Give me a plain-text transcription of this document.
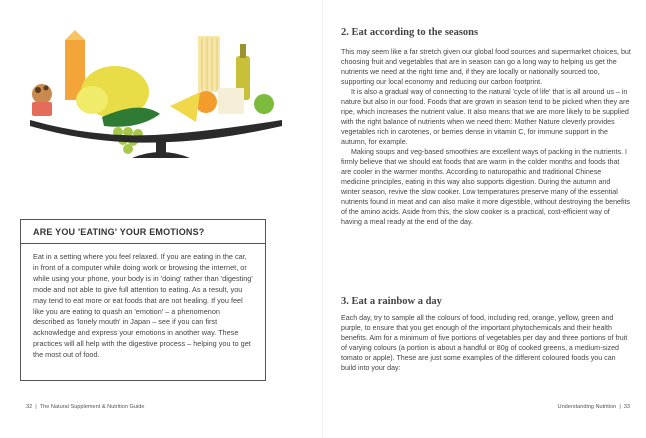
ARE YOU 'EATING' YOUR EMOTIONS?
Eat in a setting where you feel relaxed. If you are eating in the car, in front of a computer while doing work or browsing the internet, or while using your phone, your body is in 'doing' rather than 'digesting' mode and not able to give full attention to eating. As a result, you may tend to eat more or eat foods that are not healing. If you feel like you are eating to quash an 'emotion' – a phenomenon described as 'lonely mouth' in Japan – see if you can first acknowledge and express your emotions in another way. These practices will all help with the digestive process – helping you to get the most out of food.
32 | The Natural Supplement & Nutrition Guide
2. Eat according to the seasons

This may seem like a far stretch given our global food sources and supermarket choices, but choosing fruit and vegetables that are in season can go a long way to helping us get the nutrients we need at the right time and, if they are locally or nationally sourced too, supporting our local economy and reducing our carbon footprint.

It is also a gradual way of connecting to the natural 'cycle of life' that is all around us – in nature but also in our food. Foods that are grown in season tend to be picked when they are ripe, which increases the nutrient value. It also means that we are more likely to be supplied with the right balance of nutrients when we need them: Mother Nature cleverly provides vegetables rich in carotenes, or berries dense in vitamin C, for immune support in the autumn, for example.

Making soups and veg-based smoothies are excellent ways of packing in the nutrients. I firmly believe that we should eat foods that are warm in the colder months and foods that are cooler in the warmer months. According to naturopathic and traditional Chinese medicine principles, eating in this way also supports digestion. During the autumn and winter season, revive the slow cooker. Low temperatures preserve many of the essential nutrients found in meat and can also make it more digestible, without destroying the benefits of the amino acids. Aside from this, the slow cooker is a practical, cost-efficient way of having a meal ready at the end of the day.

3. Eat a rainbow a day

Each day, try to sample all the colours of food, including red, orange, yellow, green and purple, to ensure that you get enough of the important phytochemicals and their health benefits. Aim for a minimum of five portions of vegetables per day and three portions of fruit of varying colours (a portion is about a handful or 80g of cooked greens, a medium-sized tomato or apple). These are just some examples of the different coloured foods you can build into your day:

Understanding Nutrition | 33
